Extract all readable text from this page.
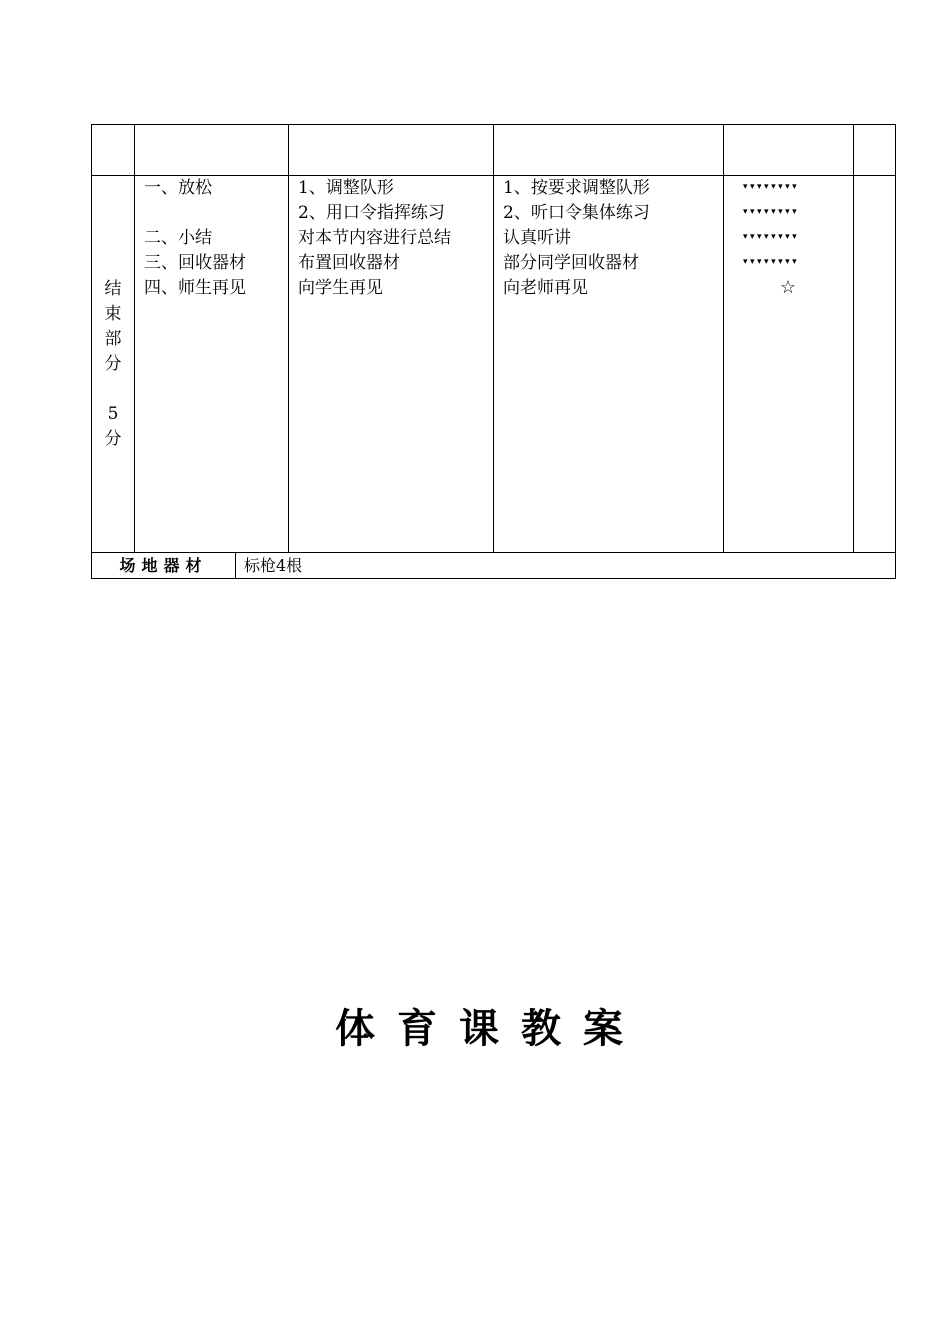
结
束
部
分
5
分
一、放松
二、小结
三、回收器材
四、师生再见
1、调整队形
2、用口令指挥练习
对本节内容进行总结
布置回收器材
向学生再见
1、按要求调整队形
2、听口令集体练习
认真听讲
部分同学回收器材
向老师再见
▾▾▾▾▾▾▾▾
▾▾▾▾▾▾▾▾
▾▾▾▾▾▾▾▾
▾▾▾▾▾▾▾▾
☆
场地器材	标枪4根
体育课教案
